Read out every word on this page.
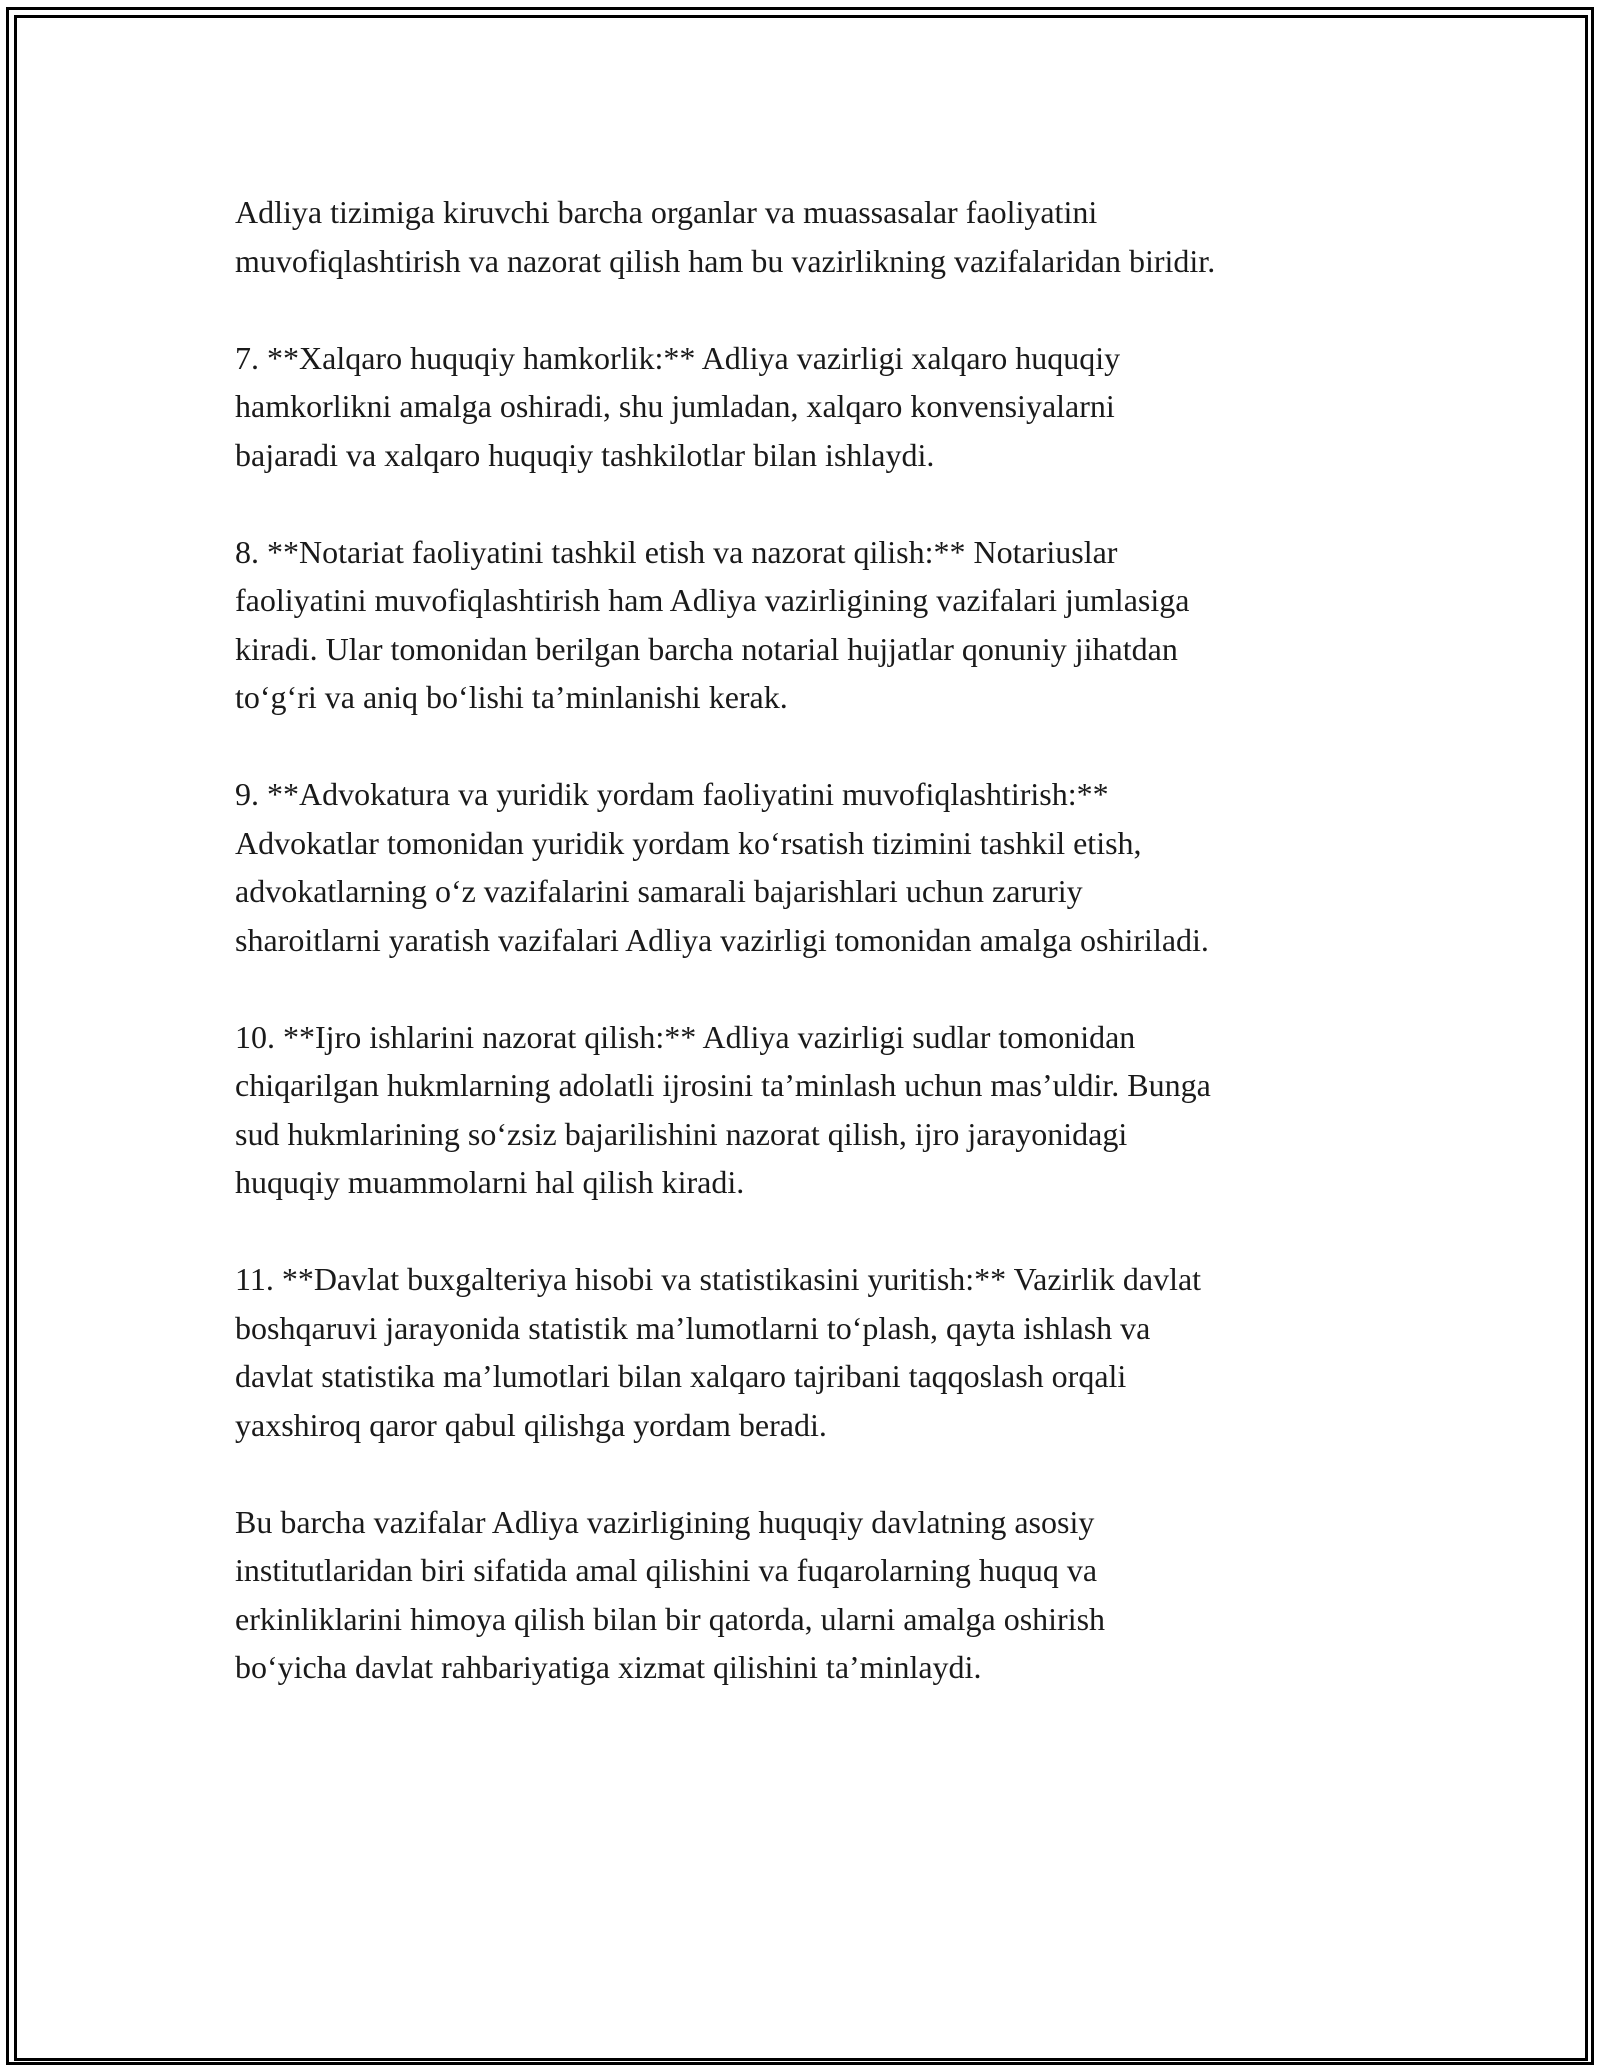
Adliya tizimiga kiruvchi barcha organlar va muassasalar faoliyatini
muvofiqlashtirish va nazorat qilish ham bu vazirlikning vazifalaridan biridir.

7. **Xalqaro huquqiy hamkorlik:** Adliya vazirligi xalqaro huquqiy
hamkorlikni amalga oshiradi, shu jumladan, xalqaro konvensiyalarni
bajaradi va xalqaro huquqiy tashkilotlar bilan ishlaydi.

8. **Notariat faoliyatini tashkil etish va nazorat qilish:** Notariuslar
faoliyatini muvofiqlashtirish ham Adliya vazirligining vazifalari jumlasiga
kiradi. Ular tomonidan berilgan barcha notarial hujjatlar qonuniy jihatdan
to‘g‘ri va aniq bo‘lishi ta’minlanishi kerak.

9. **Advokatura va yuridik yordam faoliyatini muvofiqlashtirish:**
Advokatlar tomonidan yuridik yordam ko‘rsatish tizimini tashkil etish,
advokatlarning o‘z vazifalarini samarali bajarishlari uchun zaruriy
sharoitlarni yaratish vazifalari Adliya vazirligi tomonidan amalga oshiriladi.

10. **Ijro ishlarini nazorat qilish:** Adliya vazirligi sudlar tomonidan
chiqarilgan hukmlarning adolatli ijrosini ta’minlash uchun mas’uldir. Bunga
sud hukmlarining so‘zsiz bajarilishini nazorat qilish, ijro jarayonidagi
huquqiy muammolarni hal qilish kiradi.

11. **Davlat buxgalteriya hisobi va statistikasini yuritish:** Vazirlik davlat
boshqaruvi jarayonida statistik ma’lumotlarni to‘plash, qayta ishlash va
davlat statistika ma’lumotlari bilan xalqaro tajribani taqqoslash orqali
yaxshiroq qaror qabul qilishga yordam beradi.

Bu barcha vazifalar Adliya vazirligining huquqiy davlatning asosiy
institutlaridan biri sifatida amal qilishini va fuqarolarning huquq va
erkinliklarini himoya qilish bilan bir qatorda, ularni amalga oshirish
bo‘yicha davlat rahbariyatiga xizmat qilishini ta’minlaydi.
